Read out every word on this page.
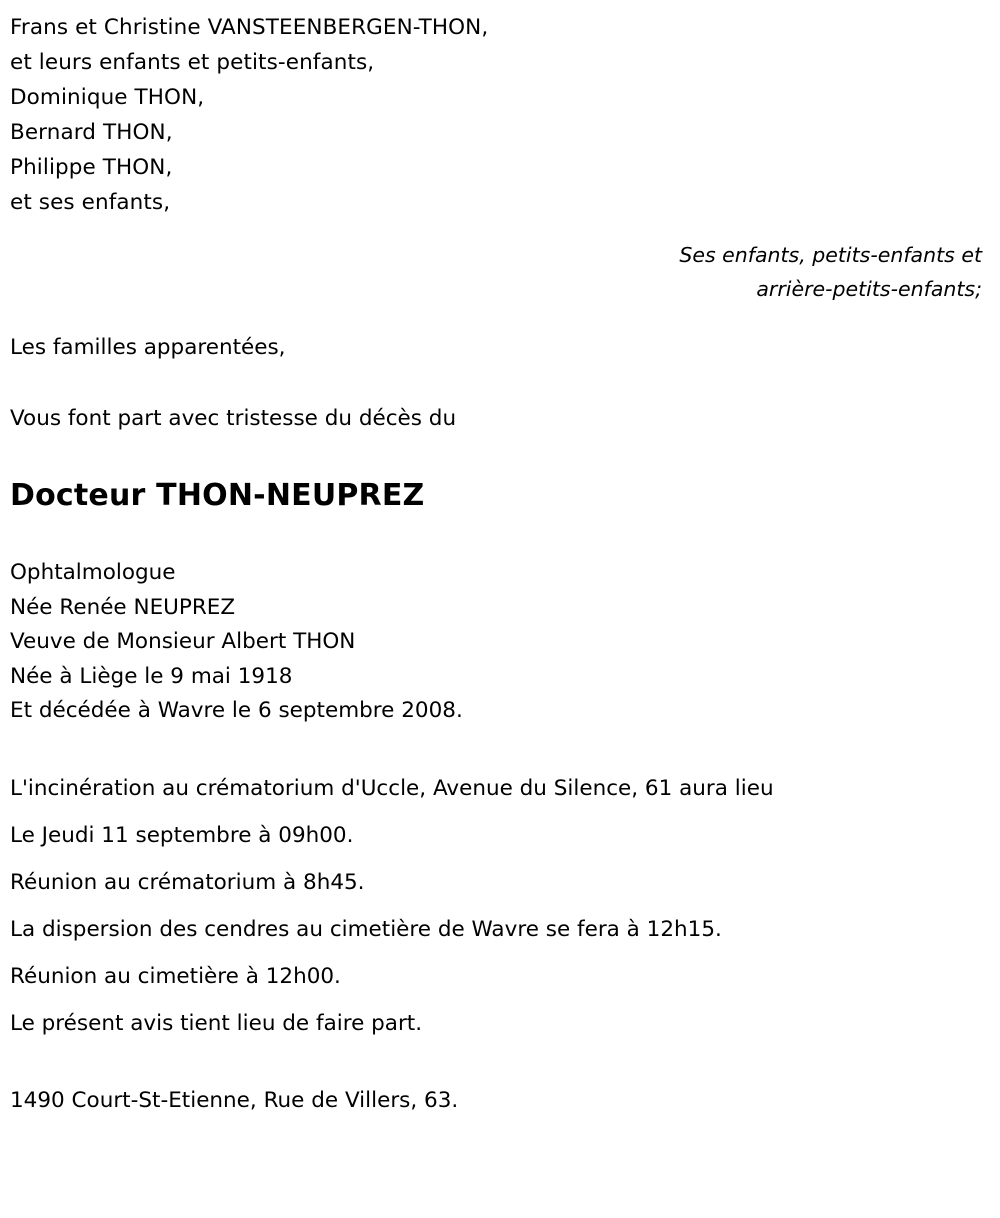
Frans et Christine VANSTEENBERGEN-THON,
et leurs enfants et petits-enfants,
Dominique THON,
Bernard THON,
Philippe THON,
et ses enfants,
Ses enfants, petits-enfants et arrière-petits-enfants;
Les familles apparentées,
Vous font part avec tristesse du décès du
Docteur THON-NEUPREZ
Ophtalmologue
Née Renée NEUPREZ
Veuve de Monsieur Albert THON
Née à Liège le 9 mai 1918
Et décédée à Wavre le 6 septembre 2008.
L'incinération au crématorium d'Uccle, Avenue du Silence, 61 aura lieu
Le Jeudi 11 septembre à 09h00.
Réunion au crématorium à 8h45.
La dispersion des cendres au cimetière de Wavre se fera à 12h15.
Réunion au cimetière à 12h00.
Le présent avis tient lieu de faire part.
1490 Court-St-Etienne, Rue de Villers, 63.
